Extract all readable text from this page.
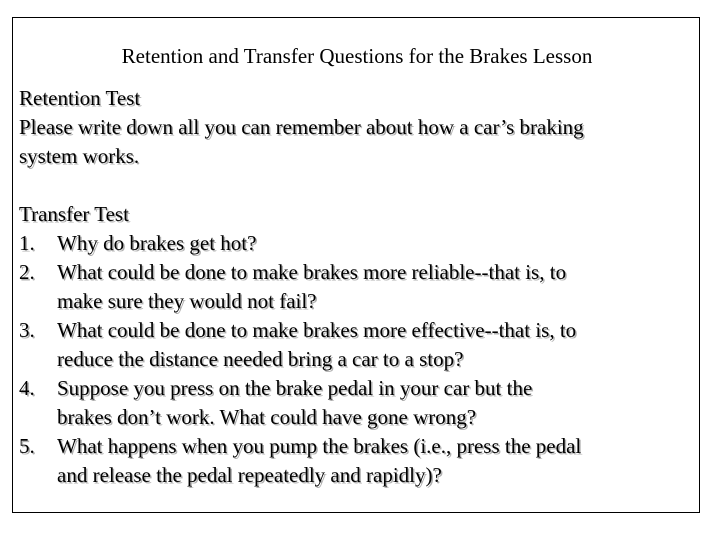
Retention and Transfer Questions for the Brakes Lesson
Retention Test
Please write down all you can remember about how a car’s braking
system works.
Transfer Test
1. Why do brakes get hot?
2. What could be done to make brakes more reliable--that is, to
make sure they would not fail?
3. What could be done to make brakes more effective--that is, to
reduce the distance needed bring a car to a stop?
4. Suppose you press on the brake pedal in your car but the
brakes don’t work. What could have gone wrong?
5. What happens when you pump the brakes (i.e., press the pedal
and release the pedal repeatedly and rapidly)?
